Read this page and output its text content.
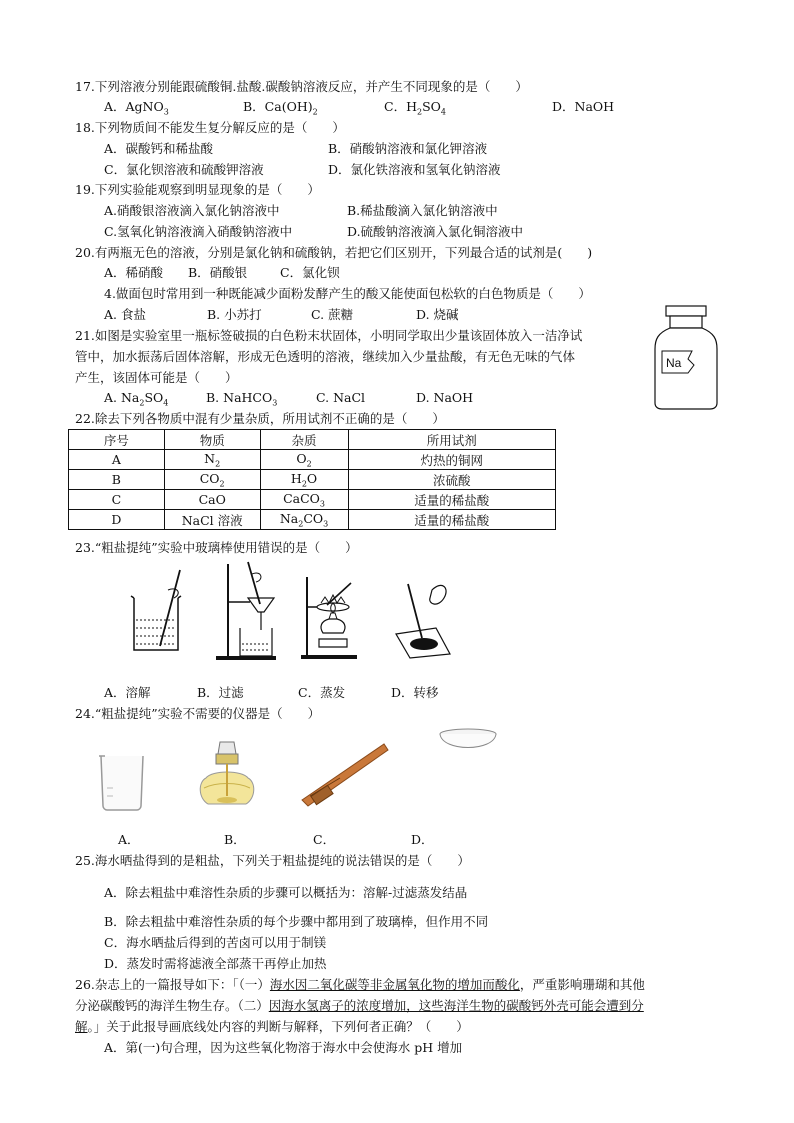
17.下列溶液分别能跟硫酸铜.盐酸.碳酸钠溶液反应，并产生不同现象的是（　　）
A．AgNO$_3$	B．$Ca(OH)_2$	C．$H_2SO_4$	D．NaOH
18.下列物质间不能发生复分解反应的是（　　）
A．碳酸钙和稀盐酸	B．硝酸钠溶液和氯化钾溶液
C．氯化钡溶液和硫酸钾溶液	D．氯化铁溶液和氢氧化钠溶液
19.下列实验能观察到明显现象的是（　　）
A.硝酸银溶液滴入氯化钠溶液中	B.稀盐酸滴入氯化钠溶液中
C.氢氧化钠溶液滴入硝酸钠溶液中	D.硫酸钠溶液滴入氯化铜溶液中
20.有两瓶无色的溶液，分别是氯化钠和硫酸钠，若把它们区别开，下列最合适的试剂是(　　)
A．稀硝酸 B．硝酸银	C．氯化钡
4.做面包时常用到一种既能减少面粉发酵产生的酸又能使面包松软的白色物质是（　　）
A. 食盐	B. 小苏打	C. 蔗糖	D. 烧碱
21.如图是实验室里一瓶标签破损的白色粉末状固体，小明同学取出少量该固体放入一洁净试
管中，加水振荡后固体溶解，形成无色透明的溶液，继续加入少量盐酸，有无色无味的气体
产生，该固体可能是（　　）
A. $Na_2SO_4$	B. NaHCO$_3$	C. NaCl	D. NaOH
Na
22.除去下列各物质中混有少量杂质，所用试剂不正确的是（　　）
序号	物质	杂质	所用试剂
A	$N_2$	$O_2$	灼热的铜网
B	$CO_2$	$H_2O$	浓硫酸
C	CaO	CaCO$_3$	适量的稀盐酸
D	NaCl 溶液	$Na_2CO_3$	适量的稀盐酸
23.“粗盐提纯”实验中玻璃棒使用错误的是（　　）
A．溶解	B．过滤	C．蒸发	D．转移
24.“粗盐提纯”实验不需要的仪器是（　　）
A．	B．	C．	D．
25.海水晒盐得到的是粗盐，下列关于粗盐提纯的说法错误的是（　　）
A．除去粗盐中难溶性杂质的步骤可以概括为：溶解-过滤蒸发结晶
B．除去粗盐中难溶性杂质的每个步骤中都用到了玻璃棒，但作用不同
C．海水晒盐后得到的苦卤可以用于制镁
D．蒸发时需将滤液全部蒸干再停止加热
26.杂志上的一篇报导如下：「（一）海水因二氧化碳等非金属氧化物的增加而酸化，严重影响珊瑚和其他
分泌碳酸钙的海洋生物生存。（二）因海水氢离子的浓度增加，这些海洋生物的碳酸钙外壳可能会遭到分
解。」关于此报导画底线处内容的判断与解释，下列何者正确？（　　）
A．第(一)句合理，因为这些氧化物溶于海水中会使海水 pH 增加
